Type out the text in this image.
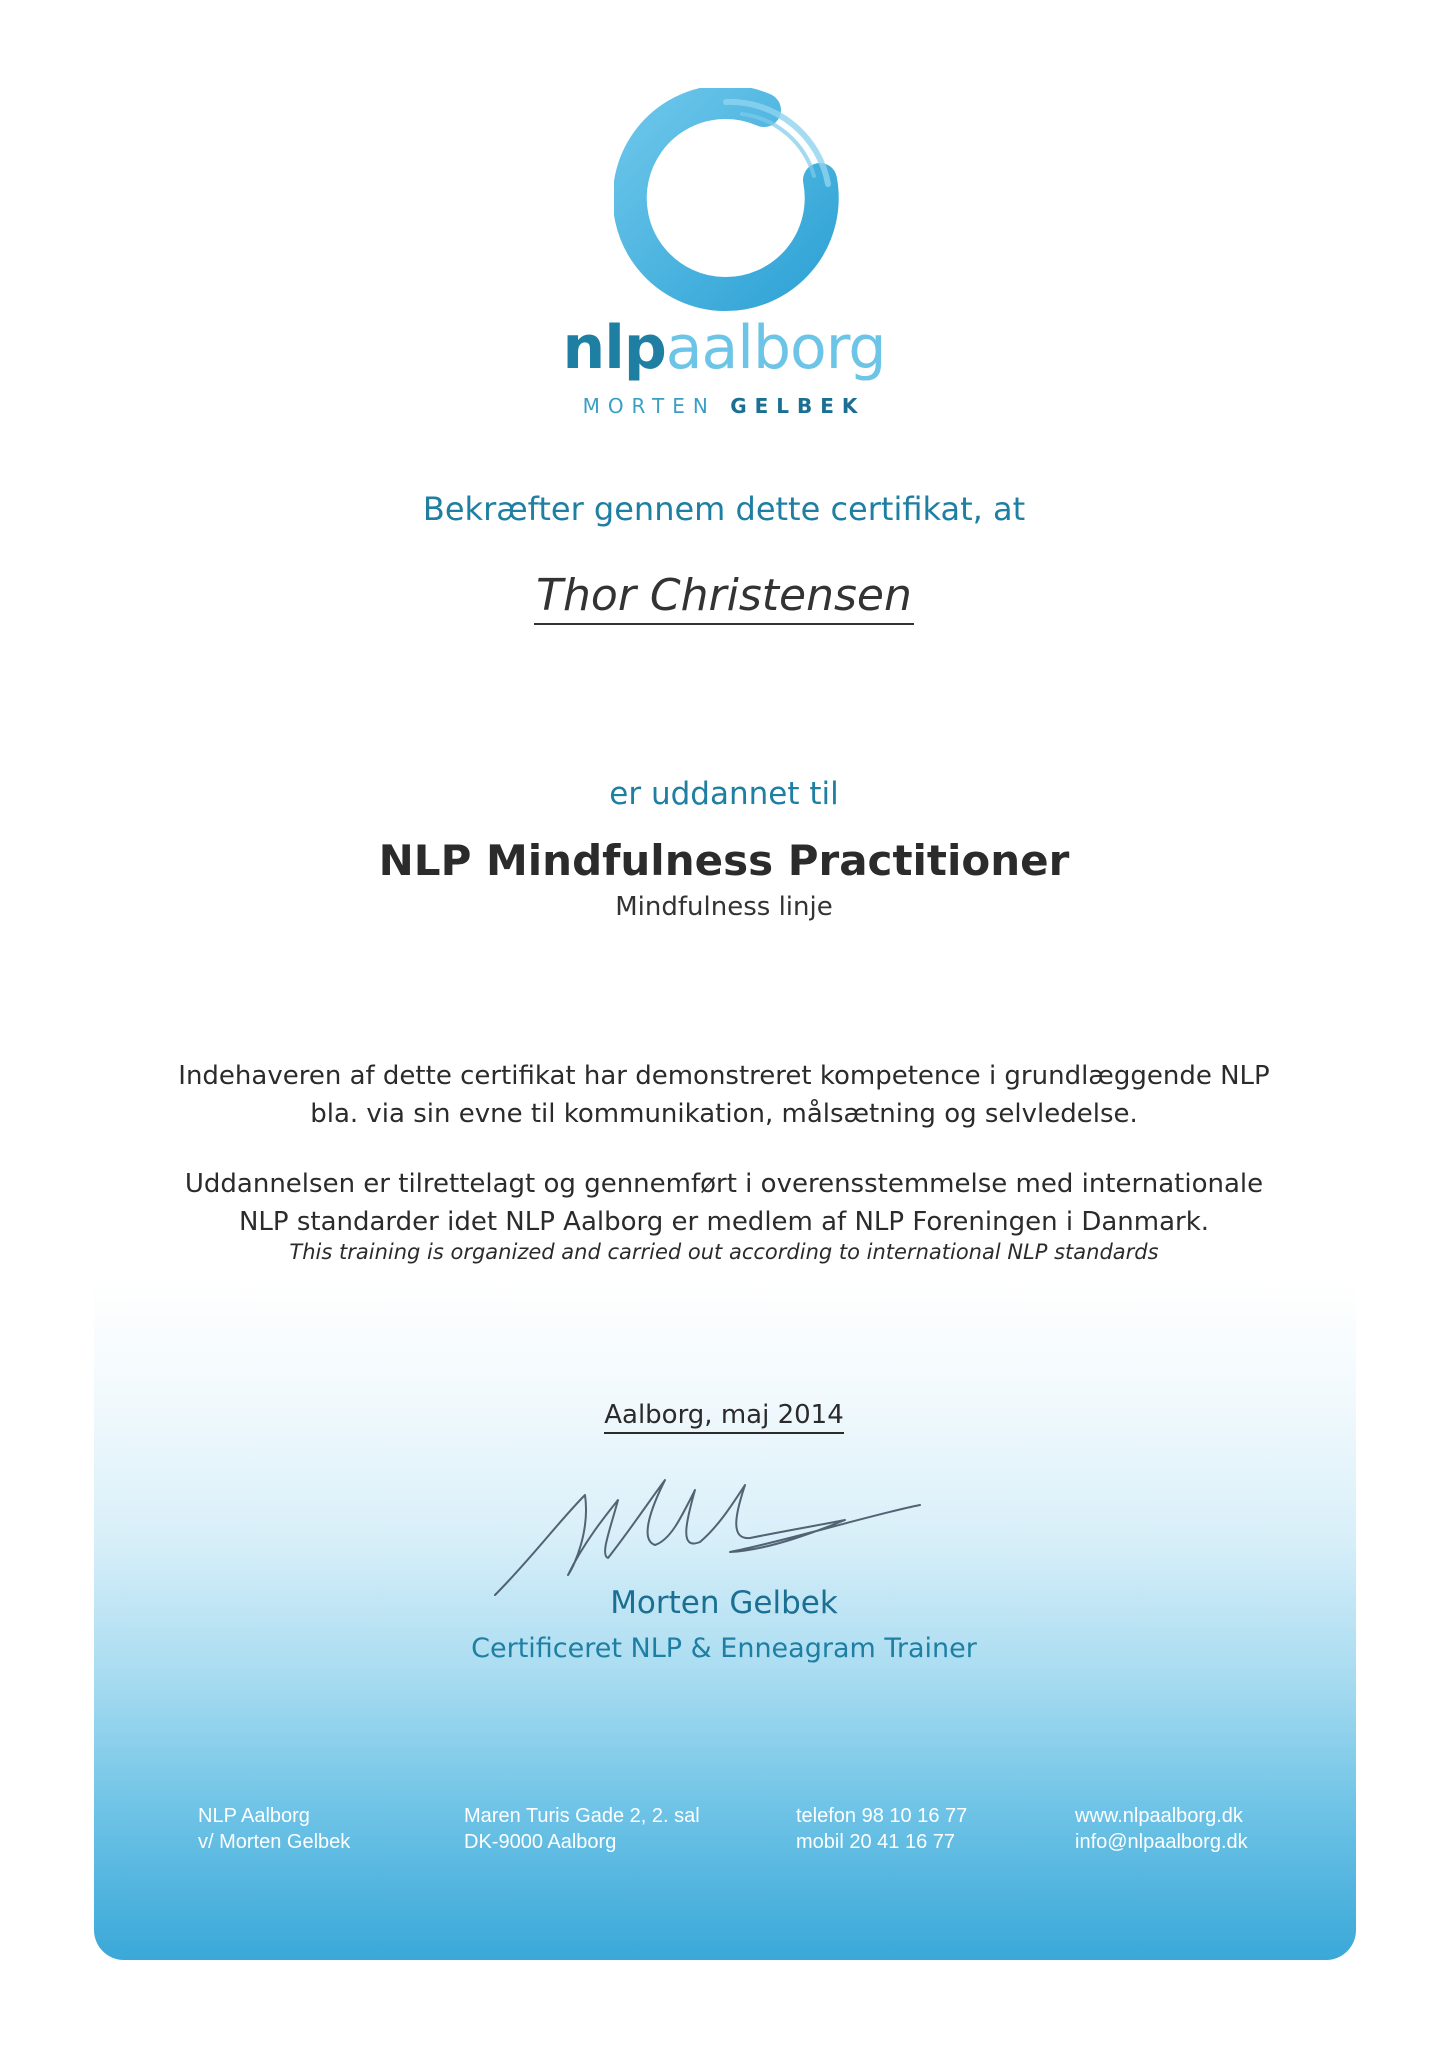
nlpaalborg
MORTEN GELBEK
Bekræfter gennem dette certifikat, at
Thor Christensen
er uddannet til
NLP Mindfulness Practitioner
Mindfulness linje
Indehaveren af dette certifikat har demonstreret kompetence i grundlæggende NLP
bla. via sin evne til kommunikation, målsætning og selvledelse.
Uddannelsen er tilrettelagt og gennemført i overensstemmelse med internationale
NLP standarder idet NLP Aalborg er medlem af NLP Foreningen i Danmark.
This training is organized and carried out according to international NLP standards
Aalborg, maj 2014
Morten Gelbek
Certificeret NLP & Enneagram Trainer
NLP Aalborg
v/ Morten Gelbek
Maren Turis Gade 2, 2. sal
DK-9000 Aalborg
telefon 98 10 16 77
mobil 20 41 16 77
www.nlpaalborg.dk
info@nlpaalborg.dk
